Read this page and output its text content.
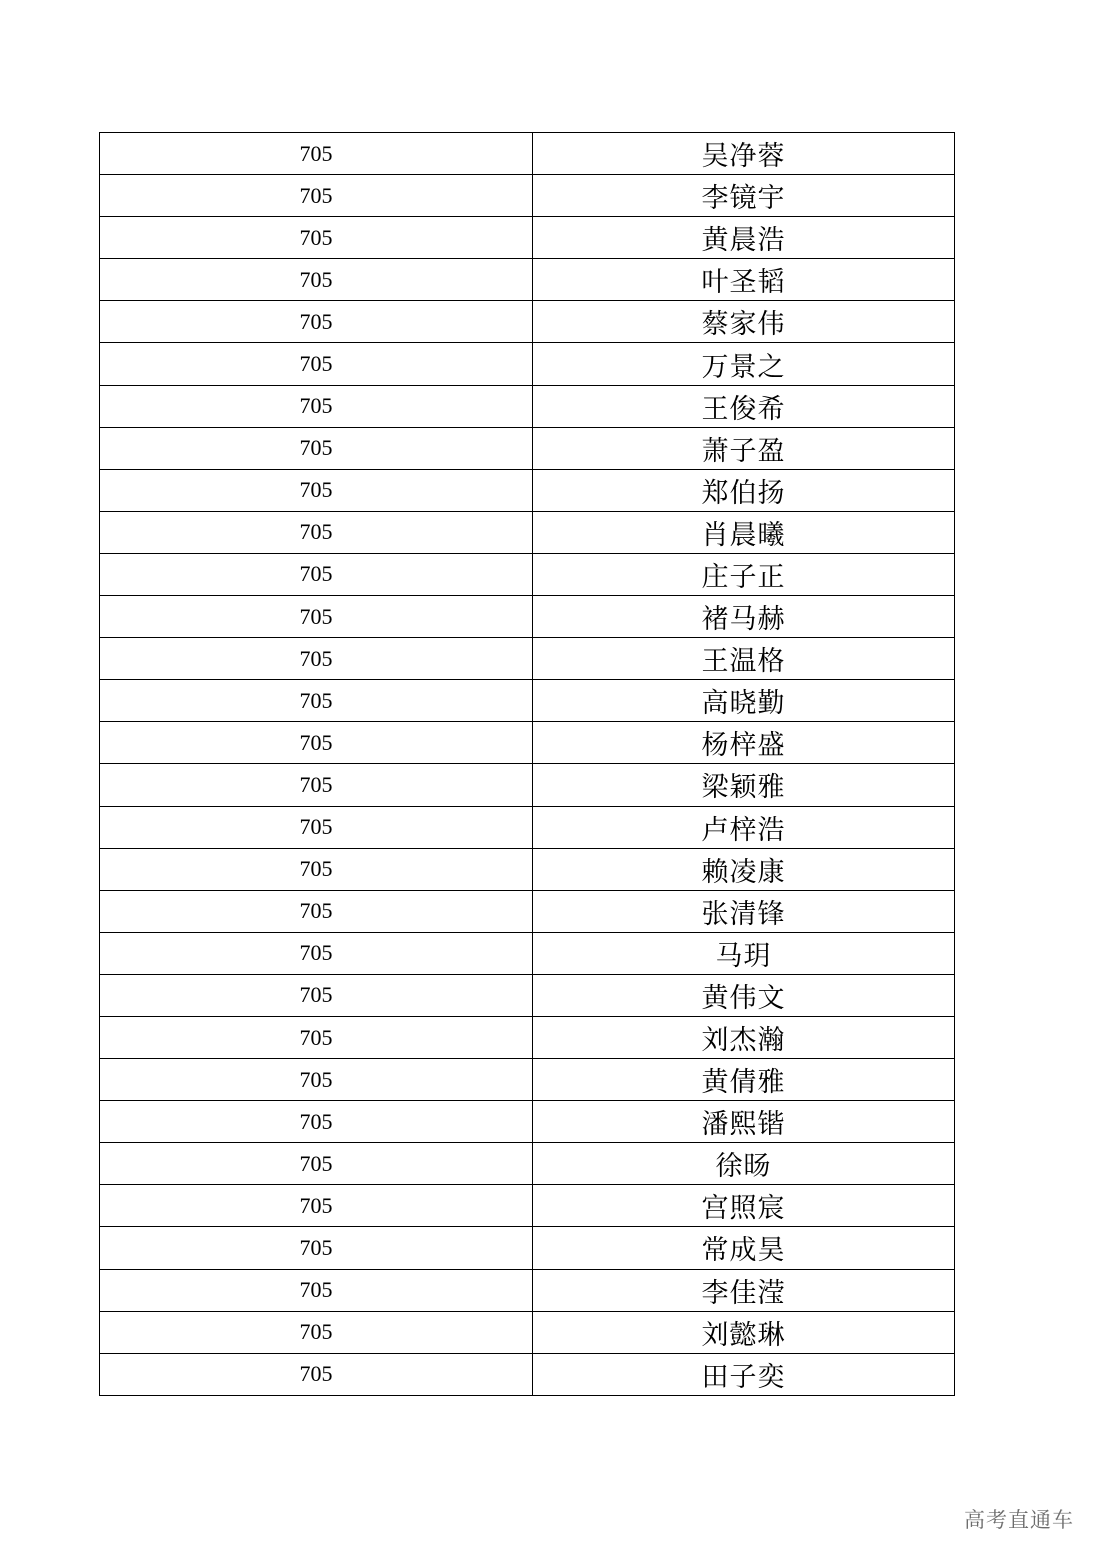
705	吴净蓉
705	李镜宇
705	黄晨浩
705	叶圣韬
705	蔡家伟
705	万景之
705	王俊希
705	萧子盈
705	郑伯扬
705	肖晨曦
705	庄子正
705	褚马赫
705	王温格
705	高晓勤
705	杨梓盛
705	梁颖雅
705	卢梓浩
705	赖凌康
705	张清锋
705	马玥
705	黄伟文
705	刘杰瀚
705	黄倩雅
705	潘熙锴
705	徐旸
705	宫照宸
705	常成昊
705	李佳滢
705	刘懿琳
705	田子奕
高考直通车
